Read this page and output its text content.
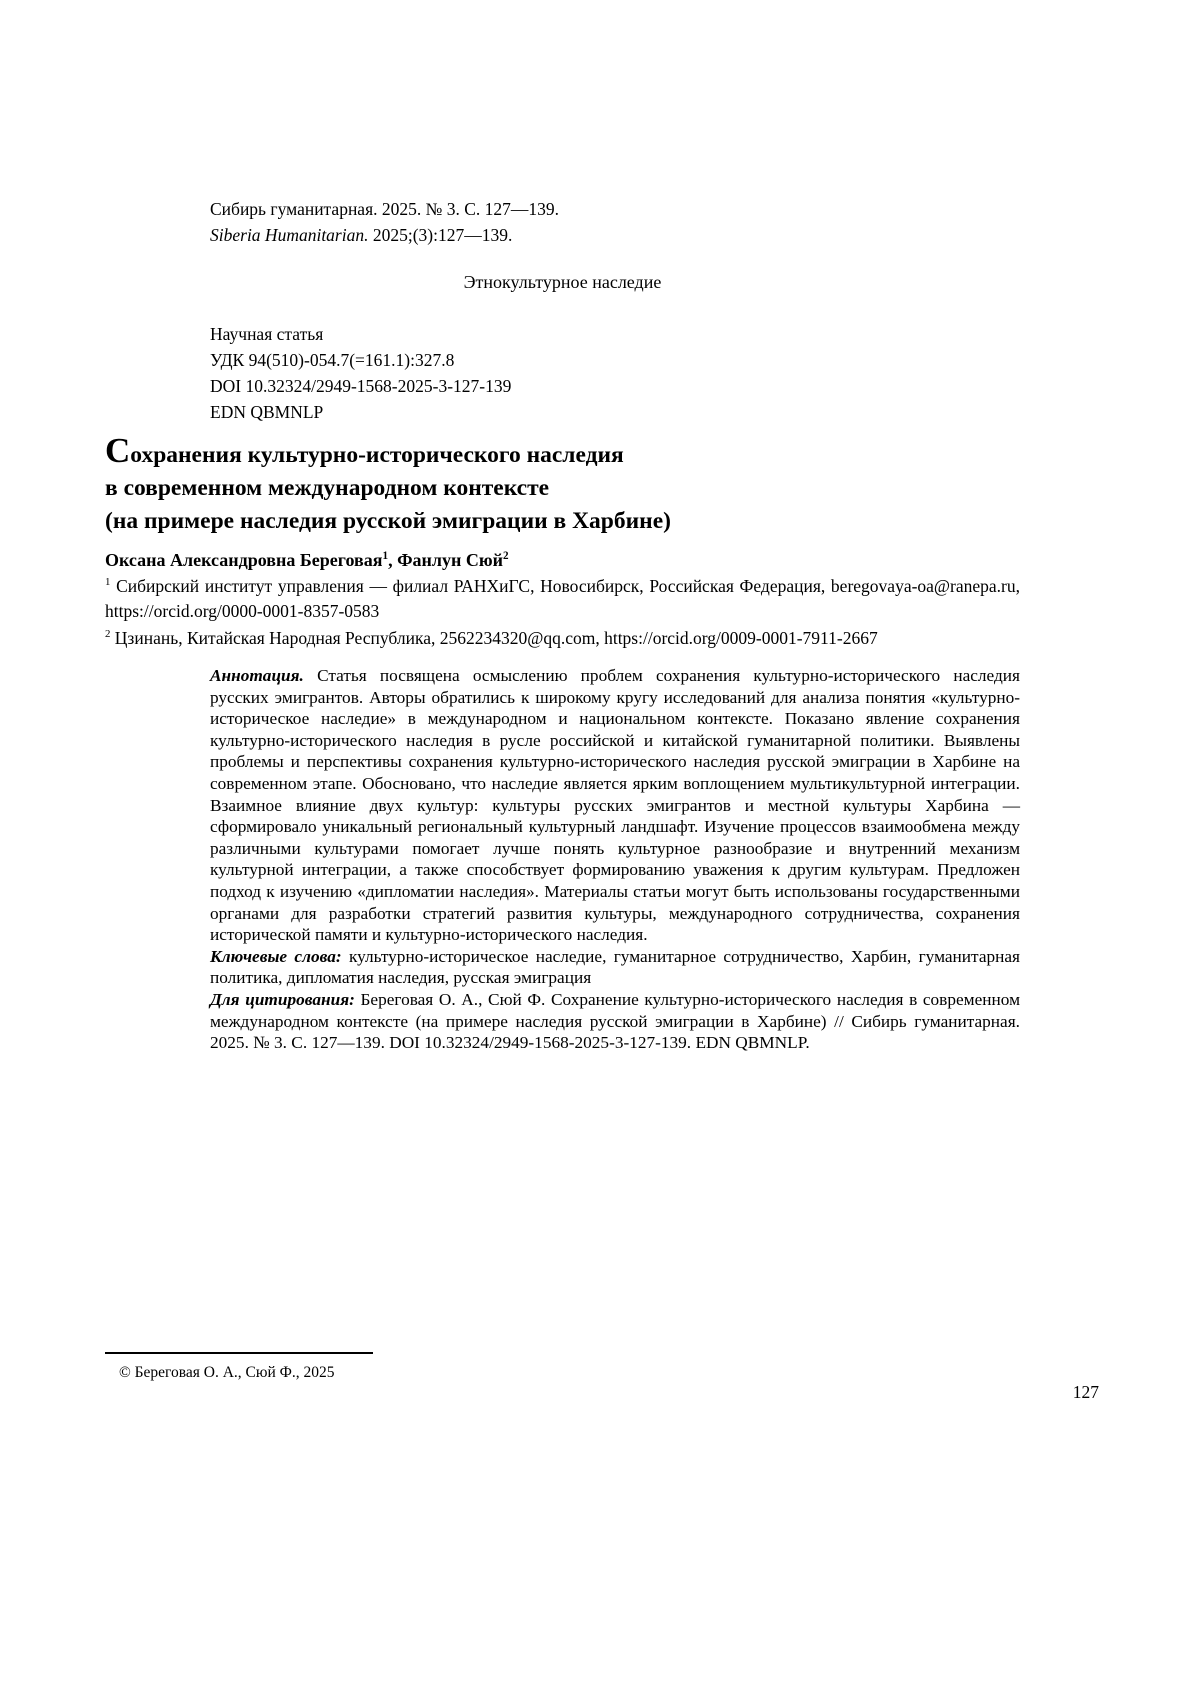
Сибирь гуманитарная. 2025. № 3. С. 127—139.
Siberia Humanitarian. 2025;(3):127—139.
Этнокультурное наследие
Научная статья
УДК 94(510)-054.7(=161.1):327.8
DOI 10.32324/2949-1568-2025-3-127-139
EDN QBMNLP
Сохранения культурно-исторического наследия
в современном международном контексте
(на примере наследия русской эмиграции в Харбине)
Оксана Александровна Береговая$^1$, Фанлун Сюй$^2$

$^1$ Сибирский институт управления — филиал РАНХиГС, Новосибирск, Российская Федерация, beregovaya-oa@ranepa.ru, https://orcid.org/0000-0001-8357-0583

$^2$ Цзинань, Китайская Народная Республика, 2562234320@qq.com, https://orcid.org/0009-0001-7911-2667

Аннотация. Статья посвящена осмыслению проблем сохранения культурно-исторического наследия русских эмигрантов. Авторы обратились к широкому кругу исследований для анализа понятия «культурно-историческое наследие» в международном и национальном контексте. Показано явление сохранения культурно-исторического наследия в русле российской и китайской гуманитарной политики. Выявлены проблемы и перспективы сохранения культурно-исторического наследия русской эмиграции в Харбине на современном этапе. Обосновано, что наследие является ярким воплощением мультикультурной интеграции. Взаимное влияние двух культур: культуры русских эмигрантов и местной культуры Харбина — сформировало уникальный региональный культурный ландшафт. Изучение процессов взаимообмена между различными культурами помогает лучше понять культурное разнообразие и внутренний механизм культурной интеграции, а также способствует формированию уважения к другим культурам. Предложен подход к изучению «дипломатии наследия». Материалы статьи могут быть использованы государственными органами для разработки стратегий развития культуры, международного сотрудничества, сохранения исторической памяти и культурно-исторического наследия.

Ключевые слова: культурно-историческое наследие, гуманитарное сотрудничество, Харбин, гуманитарная политика, дипломатия наследия, русская эмиграция

Для цитирования: Береговая О. А., Сюй Ф. Сохранение культурно-исторического наследия в современном международном контексте (на примере наследия русской эмиграции в Харбине) // Сибирь гуманитарная. 2025. № 3. С. 127—139. DOI 10.32324/2949-1568-2025-3-127-139. EDN QBMNLP.

© Береговая О. А., Сюй Ф., 2025
127
